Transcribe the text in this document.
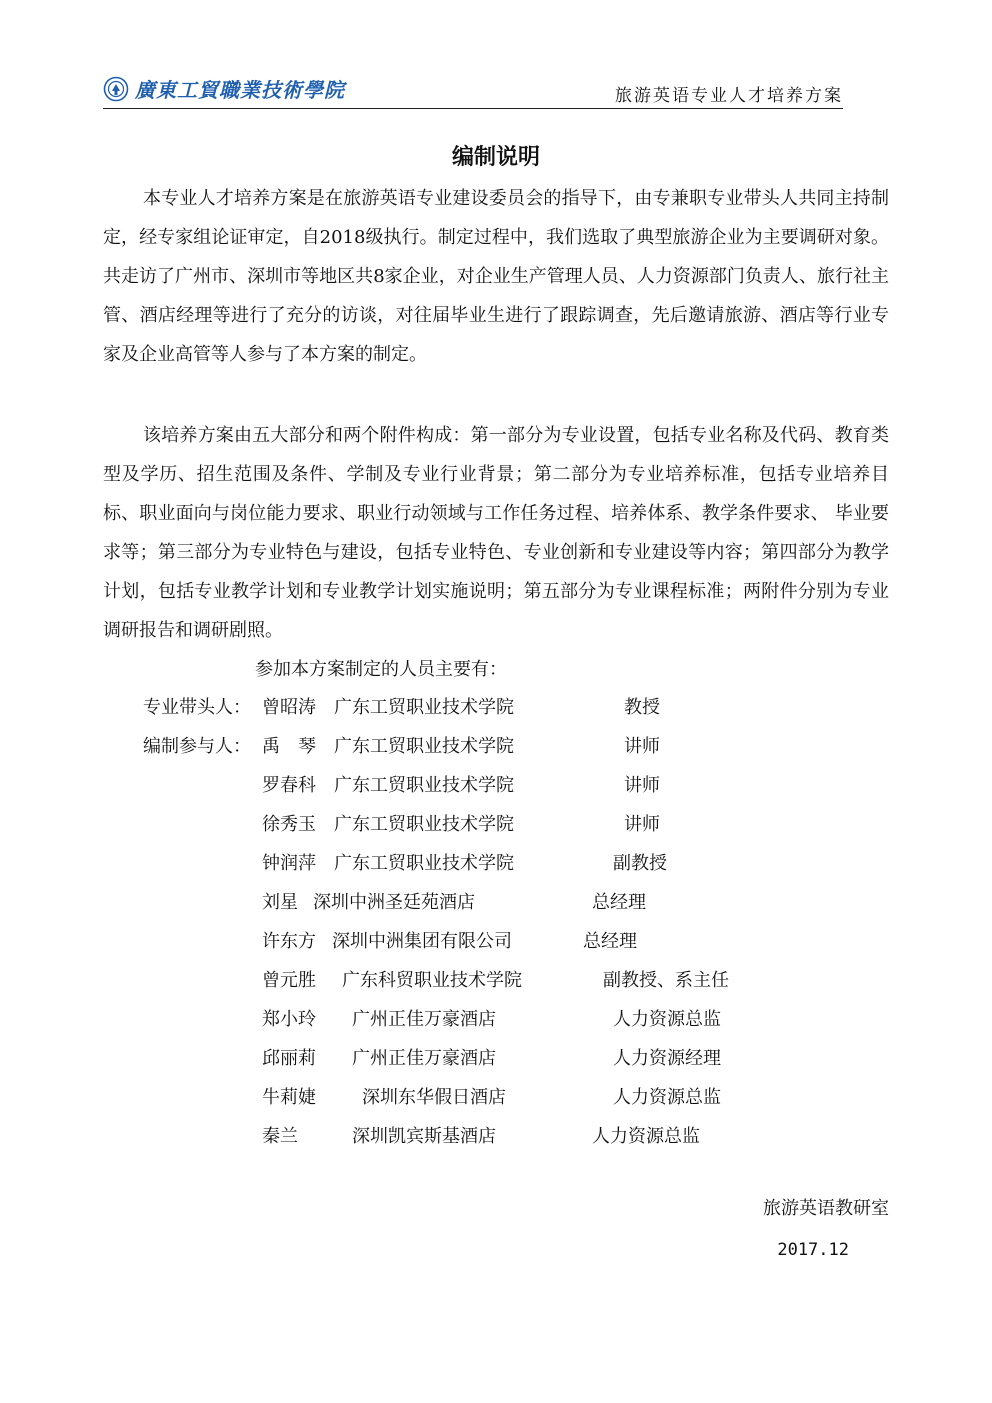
廣東工貿職業技術學院	旅游英语专业人才培养方案
编制说明

本专业人才培养方案是在旅游英语专业建设委员会的指导下，由专兼职专业带头人共同主持制定，经专家组论证审定，自2018级执行。制定过程中，我们选取了典型旅游企业为主要调研对象。共走访了广州市、深圳市等地区共8家企业，对企业生产管理人员、人力资源部门负责人、旅行社主管、酒店经理等进行了充分的访谈，对往届毕业生进行了跟踪调查，先后邀请旅游、酒店等行业专家及企业高管等人参与了本方案的制定。

该培养方案由五大部分和两个附件构成：第一部分为专业设置，包括专业名称及代码、教育类型及学历、招生范围及条件、学制及专业行业背景；第二部分为专业培养标准，包括专业培养目标、职业面向与岗位能力要求、职业行动领域与工作任务过程、培养体系、教学条件要求、 毕业要求等；第三部分为专业特色与建设，包括专业特色、专业创新和专业建设等内容；第四部分为教学计划，包括专业教学计划和专业教学计划实施说明；第五部分为专业课程标准；两附件分别为专业调研报告和调研剧照。

参加本方案制定的人员主要有：
专业带头人： 曾昭涛 广东工贸职业技术学院	教授
编制参与人： 禹　琴 广东工贸职业技术学院	讲师
罗春科 广东工贸职业技术学院	讲师
徐秀玉 广东工贸职业技术学院	讲师
钟润萍 广东工贸职业技术学院	副教授
刘星 深圳中洲圣廷苑酒店	总经理
许东方 深圳中洲集团有限公司	总经理
曾元胜 广东科贸职业技术学院	副教授、系主任
郑小玲 广州正佳万豪酒店	人力资源总监
邱丽莉 广州正佳万豪酒店	人力资源经理
牛莉婕	深圳东华假日酒店	人力资源总监
秦兰	深圳凯宾斯基酒店	人力资源总监
旅游英语教研室
2017.12
